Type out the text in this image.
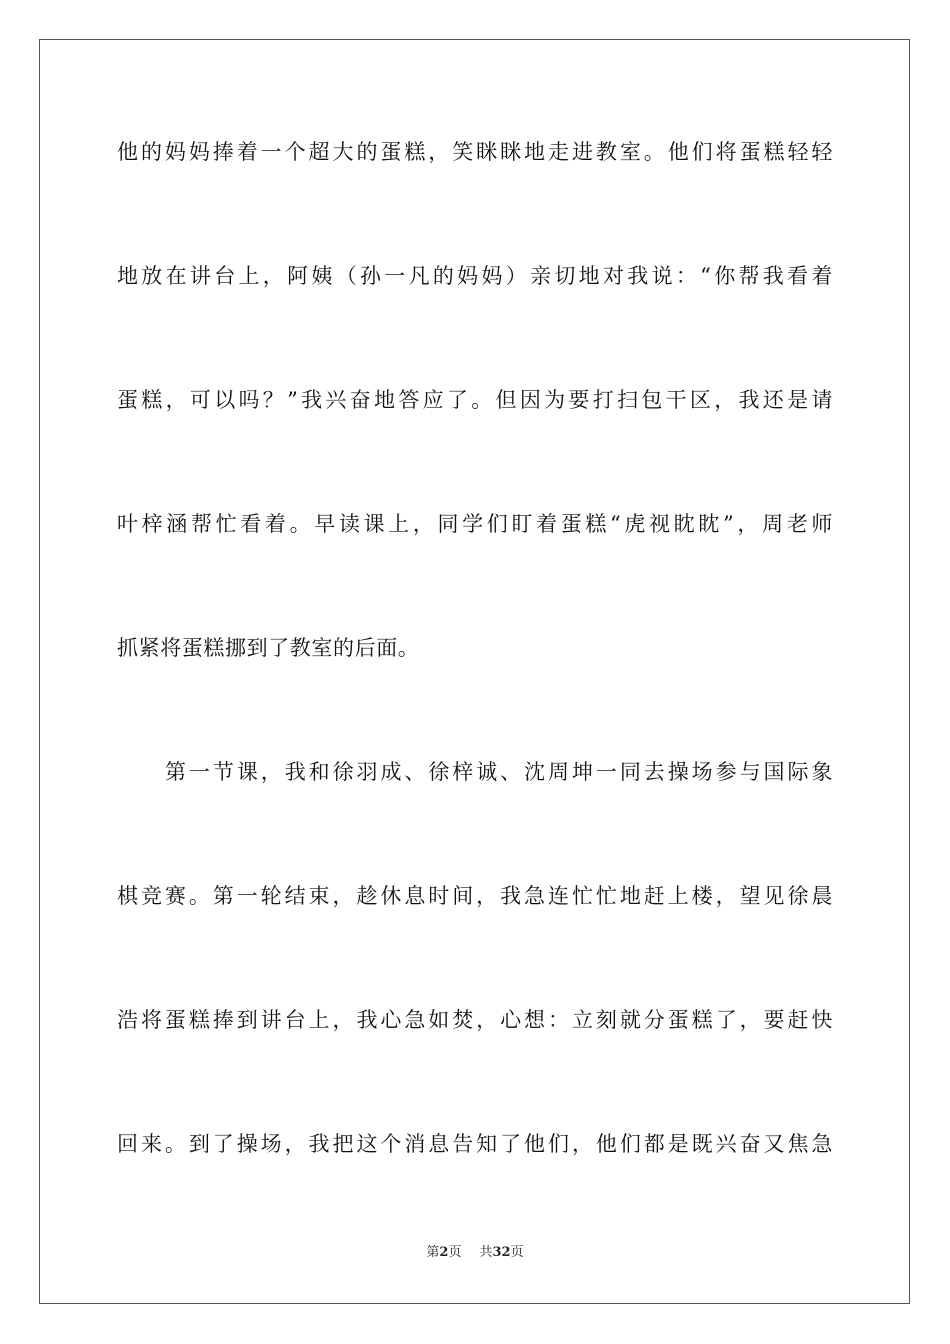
他的妈妈捧着一个超大的蛋糕，笑眯眯地走进教室。他们将蛋糕轻轻
地放在讲台上，阿姨（孙一凡的妈妈）亲切地对我说：“你帮我看着
蛋糕，可以吗？”我兴奋地答应了。但因为要打扫包干区，我还是请
叶梓涵帮忙看着。早读课上，同学们盯着蛋糕“虎视眈眈”，周老师
抓紧将蛋糕挪到了教室的后面。
第一节课，我和徐羽成、徐梓诚、沈周坤一同去操场参与国际象
棋竞赛。第一轮结束，趁休息时间，我急连忙忙地赶上楼，望见徐晨
浩将蛋糕捧到讲台上，我心急如焚，心想：立刻就分蛋糕了，要赶快
回来。到了操场，我把这个消息告知了他们，他们都是既兴奋又焦急
第2页 共32页
